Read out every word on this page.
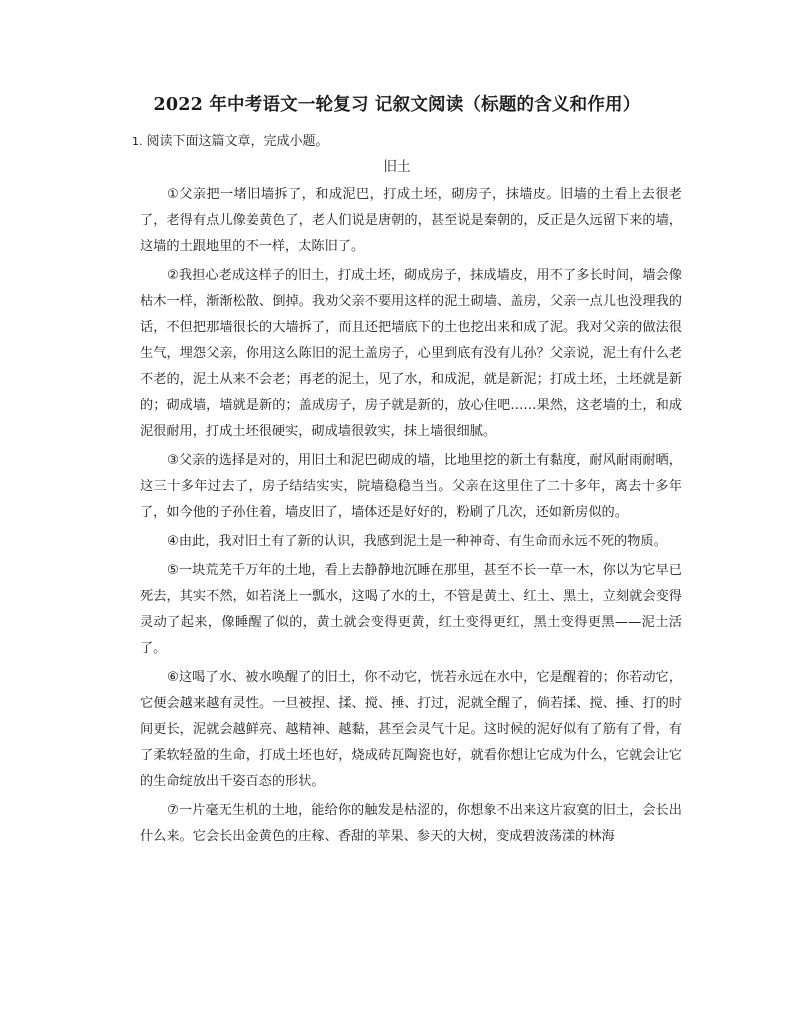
2022 年中考语文一轮复习 记叙文阅读（标题的含义和作用）
1. 阅读下面这篇文章，完成小题。
旧土

①父亲把一堵旧墙拆了，和成泥巴，打成土坯，砌房子，抹墙皮。旧墙的土看上去很老了，老得有点儿像姜黄色了，老人们说是唐朝的，甚至说是秦朝的，反正是久远留下来的墙，这墙的土跟地里的不一样，太陈旧了。

②我担心老成这样子的旧土，打成土坯，砌成房子，抹成墙皮，用不了多长时间，墙会像枯木一样，渐渐松散、倒掉。我劝父亲不要用这样的泥土砌墙、盖房，父亲一点儿也没理我的话，不但把那墙很长的大墙拆了，而且还把墙底下的土也挖出来和成了泥。我对父亲的做法很生气，埋怨父亲，你用这么陈旧的泥土盖房子，心里到底有没有儿孙？父亲说，泥土有什么老不老的，泥土从来不会老；再老的泥土，见了水，和成泥，就是新泥；打成土坯，土坯就是新的；砌成墙，墙就是新的；盖成房子，房子就是新的，放心住吧……果然，这老墙的土，和成泥很耐用，打成土坯很硬实，砌成墙很敦实，抹上墙很细腻。

③父亲的选择是对的，用旧土和泥巴砌成的墙，比地里挖的新土有黏度，耐风耐雨耐晒，这三十多年过去了，房子结结实实，院墙稳稳当当。父亲在这里住了二十多年，离去十多年了，如今他的子孙住着，墙皮旧了，墙体还是好好的，粉刷了几次，还如新房似的。

④由此，我对旧土有了新的认识，我感到泥土是一种神奇、有生命而永远不死的物质。

⑤一块荒芜千万年的土地，看上去静静地沉睡在那里，甚至不长一草一木，你以为它早已死去，其实不然，如若浇上一瓢水，这喝了水的土，不管是黄土、红土、黑土，立刻就会变得灵动了起来，像睡醒了似的，黄土就会变得更黄，红土变得更红，黑土变得更黑——泥土活了。

⑥这喝了水、被水唤醒了的旧土，你不动它，恍若永远在水中，它是醒着的；你若动它，它便会越来越有灵性。一旦被捏、揉、搅、捶、打过，泥就全醒了，倘若揉、搅、捶、打的时间更长，泥就会越鲜亮、越精神、越黏，甚至会灵气十足。这时候的泥好似有了筋有了骨，有了柔软轻盈的生命，打成土坯也好，烧成砖瓦陶瓷也好，就看你想让它成为什么，它就会让它的生命绽放出千姿百态的形状。

⑦一片毫无生机的土地，能给你的触发是枯涩的，你想象不出来这片寂寞的旧土，会长出什么来。它会长出金黄色的庄稼、香甜的苹果、参天的大树，变成碧波荡漾的林海
